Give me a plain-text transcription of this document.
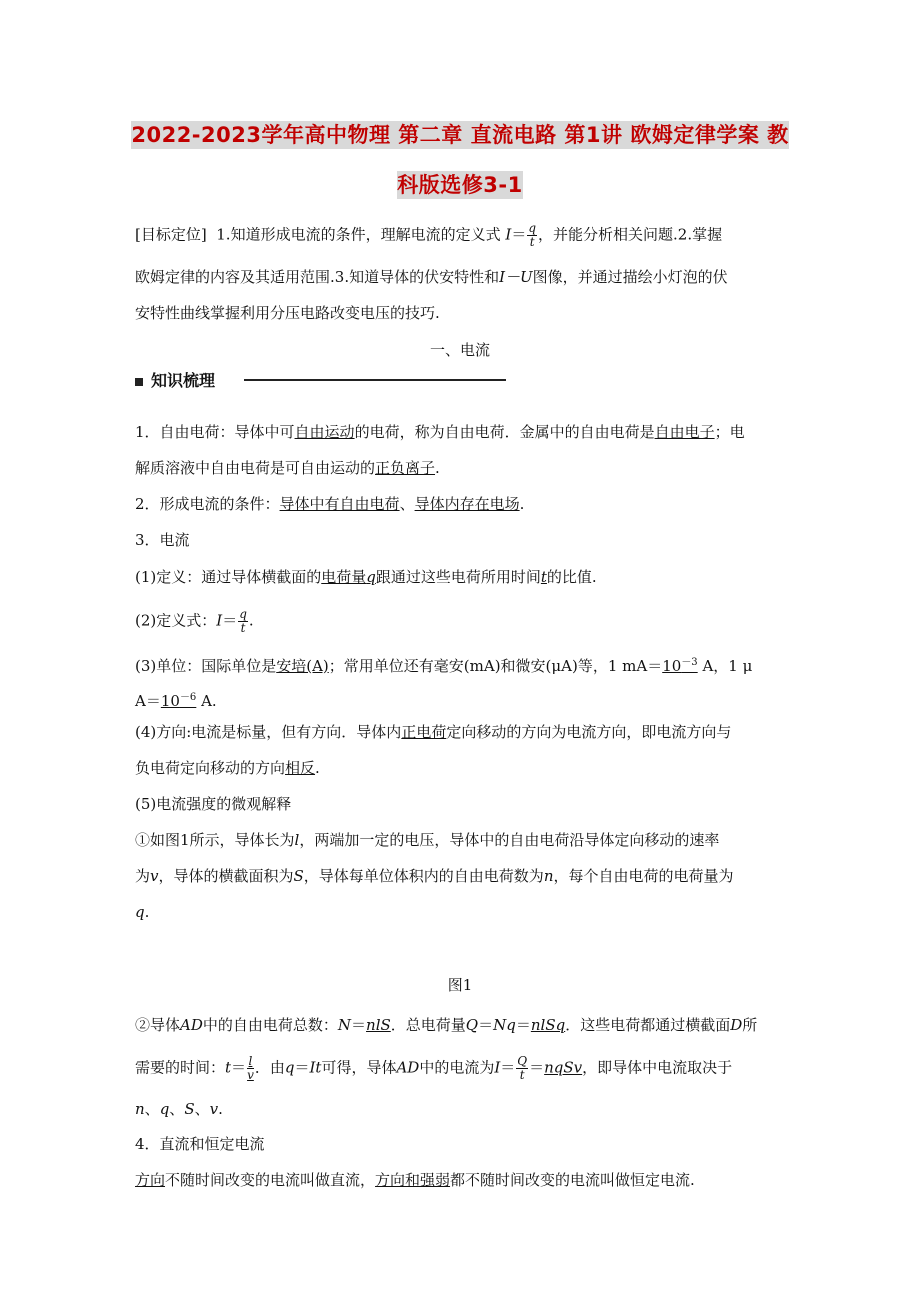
2022-2023学年高中物理 第二章 直流电路 第1讲 欧姆定律学案 教
科版选修3-1
[目标定位] 1.知道形成电流的条件，理解电流的定义式 $I= \frac{q}{t}$ ，并能分析相关问题.2.掌握
欧姆定律的内容及其适用范围.3.知道导体的伏安特性和I－U图像，并通过描绘小灯泡的伏
安特性曲线掌握利用分压电路改变电压的技巧.
一、电流
知识梳理
1．自由电荷：导体中可自由运动的电荷，称为自由电荷．金属中的自由电荷是自由电子；电
解质溶液中自由电荷是可自由运动的正负离子.
2．形成电流的条件：导体中有自由电荷、导体内存在电场.
3．电流
(1)定义：通过导体横截面的电荷量q跟通过这些电荷所用时间t的比值.
(2)定义式：$I= \frac{q}{t}$ .
(3)单位：国际单位是安培(A)；常用单位还有毫安(mA)和微安(μA)等，1 $mA=10^{-3}$ A，1 μ
$A=10^{-6}$ A.
(4)方向:电流是标量，但有方向．导体内正电荷定向移动的方向为电流方向，即电流方向与
负电荷定向移动的方向相反.
(5)电流强度的微观解释
①如图1所示，导体长为l，两端加一定的电压，导体中的自由电荷沿导体定向移动的速率
为v，导体的横截面积为S，导体每单位体积内的自由电荷数为n，每个自由电荷的电荷量为
q.
图1
②导体AD中的自由电荷总数：N＝nlS．总电荷量Q＝Nq＝nlSq．这些电荷都通过横截面D所
需要的时间：$t= \frac{l}{v}$ ．由q＝It可得，导体AD中的电流为$I= \frac{Q}{t}$ ＝nqSv，即导体中电流取决于
n、q、S、v.
4．直流和恒定电流
方向不随时间改变的电流叫做直流，方向和强弱都不随时间改变的电流叫做恒定电流.
